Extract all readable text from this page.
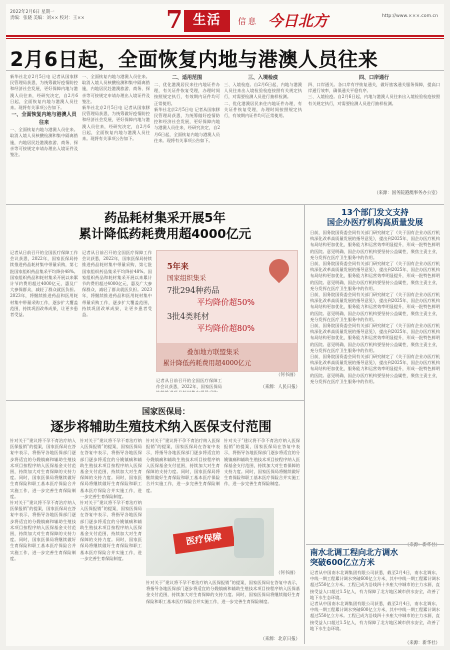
2022年2月6日 星期一
责编：张晓 美编：刘×× 校对：王××	7 生活	信息 今日北方	http://www.×××.com.cn
2月6日起，全面恢复内地与港澳人员往来
新华社北京2月5日电 记者从国家移民管理局获悉，为统筹做好疫情防控和经济社会发展，更好保障内地与港澳人员往来，经研究决定，自2月6日起，全面恢复内地与港澳人员往来。现将有关事项公告如下。
一、全面恢复内地与港澳人员往来
一、全面恢复内地与港澳人员往来。取消入境人员核酸检测和集中隔离措施，内地居民赴港澳旅游、商务、探亲等可按规定申请办理出入境证件及签注。
一、全面恢复内地与港澳人员往来。取消入境人员核酸检测和集中隔离措施，内地居民赴港澳旅游、商务、探亲等可按规定申请办理出入境证件及签注。
新华社北京2月5日电 记者从国家移民管理局获悉，为统筹做好疫情防控和经济社会发展，更好保障内地与港澳人员往来，经研究决定，自2月6日起，全面恢复内地与港澳人员往来。现将有关事项公告如下。
二、适用范围
二、优化港澳居民来往内地证件办理，有关证件恢复受理，办理时间按照规定执行，有效期内证件均可正常使用。
新华社北京2月5日电 记者从国家移民管理局获悉，为统筹做好疫情防控和经济社会发展，更好保障内地与港澳人员往来，经研究决定，自2月6日起，全面恢复内地与港澳人员往来。现将有关事项公告如下。
三、入境检疫
三、入境检疫。自2月6日起，内地与港澳人员往来出入境检验检疫按照有关规定执行，对需要检测人员进行抽样检测。
二、优化港澳居民来往内地证件办理，有关证件恢复受理，办理时间按照规定执行，有效期内证件均可正常使用。
四、口岸通行
四、口岸通关。各口岸有序恢复通关，做好旅客通关服务保障，提高口岸通行效率，确保通关平稳有序。
三、入境检疫。自2月6日起，内地与港澳人员往来出入境检验检疫按照有关规定执行，对需要检测人员进行抽样检测。
（来源：国务院港澳事务办公室）
药品耗材集采开展5年
累计降低药耗费用超4000亿元
记者从日前召开的全国医疗保障工作会议获悉，2022年，国家医保局持续推进药品耗材集中带量采购，第七批国家组织药品集采平均降价48%。国家组织药品和耗材集采开展以来累计节约费用超过4000亿元，惠及广大参保群众，减轻了群众就医负担。2023年，将继续推进药品和医用耗材集中带量采购工作，逐步扩大覆盖范围，持续巩固改革成果，让更多患者受益。
记者从日前召开的全国医疗保障工作会议获悉，2022年，国家医保局持续推进药品耗材集中带量采购，第七批国家组织药品集采平均降价48%。国家组织药品和耗材集采开展以来累计节约费用超过4000亿元，惠及广大参保群众，减轻了群众就医负担。2023年，将继续推进药品和医用耗材集中带量采购工作，逐步扩大覆盖范围，持续巩固改革成果，让更多患者受益。
5年来
国家组织集采
7批294种药品
平均降价超50%
3批4类耗材
平均降价超80%
叠加地方联盟集采
累计降低药耗费用超4000亿元
（何书画）
记者从日前召开的全国医疗保障工作会议获悉，2022年，国家医保局	（来源：人民日报）
国家医保局：
逐步将辅助生殖技术纳入医保支付范围
针对关于“建议将不孕不育治疗纳入医保报销”的提案，国家医保局在答复中表示，将指导各地医保部门逐步将适宜的分娩镇痛和辅助生殖技术项目按程序纳入医保基金支付范围，持续加大对生育保障的支持力度。同时，国家医保局将继续做好生育保险和职工基本医疗保险合并实施工作，进一步完善生育保险制度。
针对关于“建议将不孕不育治疗纳入医保报销”的提案，国家医保局在答复中表示，将指导各地医保部门逐步将适宜的分娩镇痛和辅助生殖技术项目按程序纳入医保基金支付范围，持续加大对生育保障的支持力度。同时，国家医保局将继续做好生育保险和职工基本医疗保险合并实施工作，进一步完善生育保险制度。
针对关于“建议将不孕不育治疗纳入医保报销”的提案，国家医保局在答复中表示，将指导各地医保部门逐步将适宜的分娩镇痛和辅助生殖技术项目按程序纳入医保基金支付范围，持续加大对生育保障的支持力度。同时，国家医保局将继续做好生育保险和职工基本医疗保险合并实施工作，进一步完善生育保险制度。
针对关于“建议将不孕不育治疗纳入医保报销”的提案，国家医保局在答复中表示，将指导各地医保部门逐步将适宜的分娩镇痛和辅助生殖技术项目按程序纳入医保基金支付范围，持续加大对生育保障的支持力度。同时，国家医保局将继续做好生育保险和职工基本医疗保险合并实施工作，进一步完善生育保险制度。
针对关于“建议将不孕不育治疗纳入医保报销”的提案，国家医保局在答复中表示，将指导各地医保部门逐步将适宜的分娩镇痛和辅助生殖技术项目按程序纳入医保基金支付范围，持续加大对生育保障的支持力度。同时，国家医保局将继续做好生育保险和职工基本医疗保险合并实施工作，进一步完善生育保险制度。
针对关于“建议将不孕不育治疗纳入医保报销”的提案，国家医保局在答复中表示，将指导各地医保部门逐步将适宜的分娩镇痛和辅助生殖技术项目按程序纳入医保基金支付范围，持续加大对生育保障的支持力度。同时，国家医保局将继续做好生育保险和职工基本医疗保险合并实施工作，进一步完善生育保险制度。
医疗保障
（何书画）
针对关于“建议将不孕不育治疗纳入医保报销”的提案，国家医保局在答复中表示，将指导各地医保部门逐步将适宜的分娩镇痛和辅助生殖技术项目按程序纳入医保基金支付范围，持续加大对生育保障的支持力度。同时，国家医保局将继续做好生育保险和职工基本医疗保险合并实施工作，进一步完善生育保险制度。
（来源：北京日报）
13个部门发文支持
国企办医疗机构高质量发展
日前，国务院国资委会同有关部门研究制定了《关于国有企业办医疗机构深化改革高质量发展的指导意见》，提出到2025年，国企办医疗机构布局结构更加优化，服务能力和运营效率明显提升，形成一批特色鲜明的医院。意见明确，国企办医疗机构要坚持公益属性，聚焦主责主业，充分发挥在医疗卫生服务中的作用。
日前，国务院国资委会同有关部门研究制定了《关于国有企业办医疗机构深化改革高质量发展的指导意见》，提出到2025年，国企办医疗机构布局结构更加优化，服务能力和运营效率明显提升，形成一批特色鲜明的医院。意见明确，国企办医疗机构要坚持公益属性，聚焦主责主业，充分发挥在医疗卫生服务中的作用。
日前，国务院国资委会同有关部门研究制定了《关于国有企业办医疗机构深化改革高质量发展的指导意见》，提出到2025年，国企办医疗机构布局结构更加优化，服务能力和运营效率明显提升，形成一批特色鲜明的医院。意见明确，国企办医疗机构要坚持公益属性，聚焦主责主业，充分发挥在医疗卫生服务中的作用。
日前，国务院国资委会同有关部门研究制定了《关于国有企业办医疗机构深化改革高质量发展的指导意见》，提出到2025年，国企办医疗机构布局结构更加优化，服务能力和运营效率明显提升，形成一批特色鲜明的医院。意见明确，国企办医疗机构要坚持公益属性，聚焦主责主业，充分发挥在医疗卫生服务中的作用。
日前，国务院国资委会同有关部门研究制定了《关于国有企业办医疗机构深化改革高质量发展的指导意见》，提出到2025年，国企办医疗机构布局结构更加优化，服务能力和运营效率明显提升，形成一批特色鲜明的医院。意见明确，国企办医疗机构要坚持公益属性，聚焦主责主业，充分发挥在医疗卫生服务中的作用。
（来源：新华社）
南水北调工程向北方调水
突破600亿立方米
记者从中国南水北调集团有限公司获悉，截至2月4日，南水北调东、中线一期工程累计调水突破600亿立方米，其中中线一期工程累计调水超过550亿立方米。工程已成为沿线四十多座大中城市的主力水源，直接受益人口超过1.5亿人，有力保障了北方地区城市供水安全，改善了地下水生态环境。
记者从中国南水北调集团有限公司获悉，截至2月4日，南水北调东、中线一期工程累计调水突破600亿立方米，其中中线一期工程累计调水超过550亿立方米。工程已成为沿线四十多座大中城市的主力水源，直接受益人口超过1.5亿人，有力保障了北方地区城市供水安全，改善了地下水生态环境。
（来源：新华社）
